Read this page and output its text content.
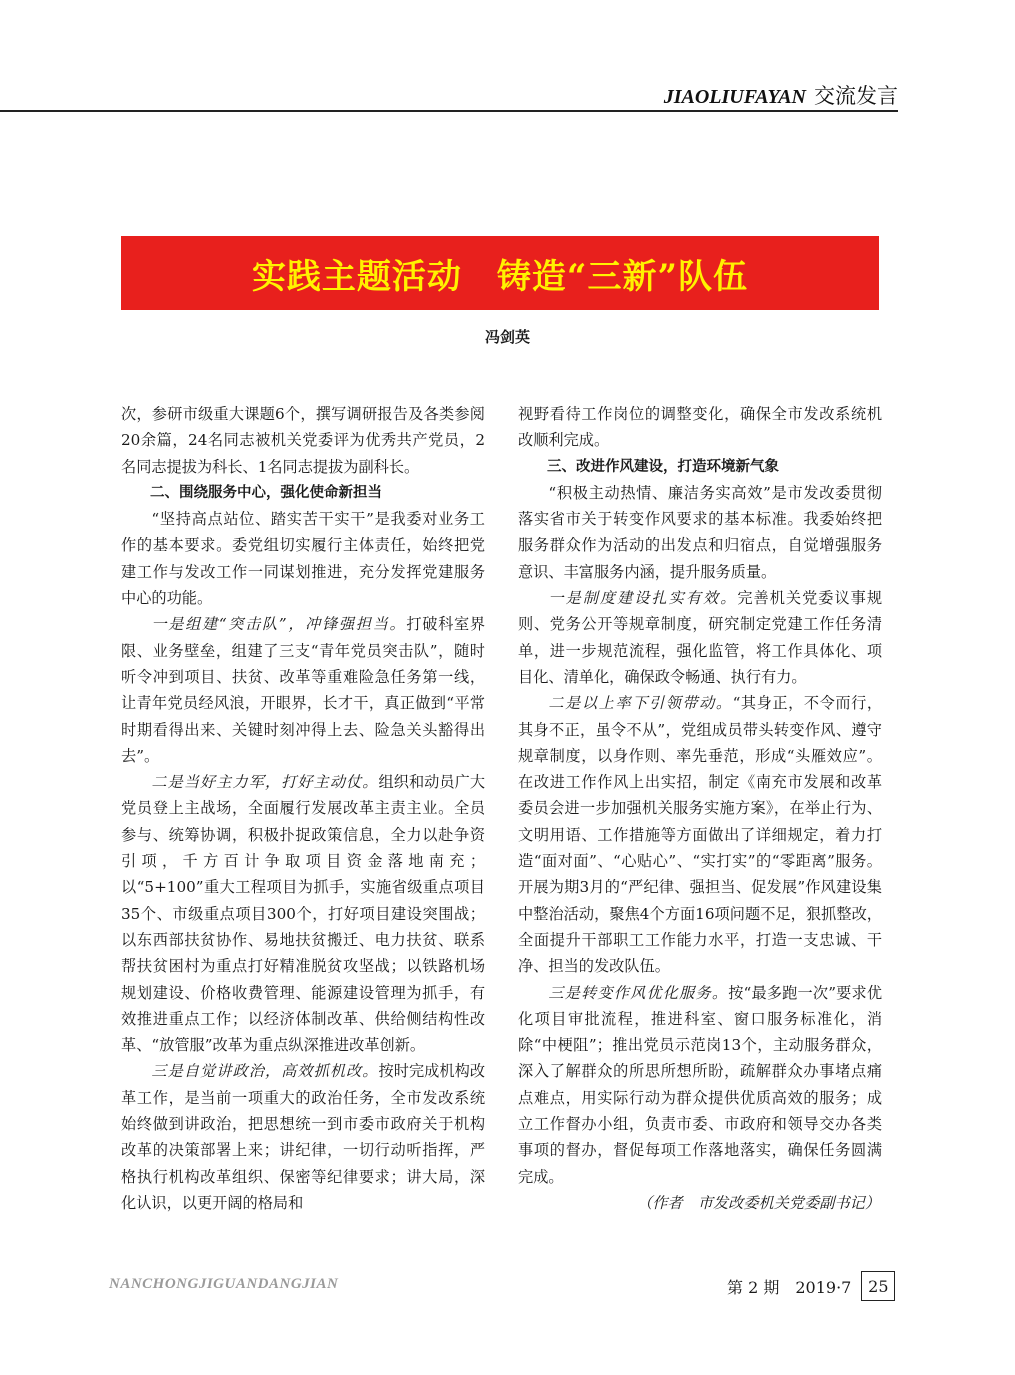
JIAOLIUFAYAN 交流发言
实践主题活动　铸造“三新”队伍
冯剑英

次，参研市级重大课题6个，撰写调研报告及各类参阅20余篇，24名同志被机关党委评为优秀共产党员，2名同志提拔为科长、1名同志提拔为副科长。

二、围绕服务中心，强化使命新担当

“坚持高点站位、踏实苦干实干”是我委对业务工作的基本要求。委党组切实履行主体责任，始终把党建工作与发改工作一同谋划推进，充分发挥党建服务中心的功能。

一是组建“突击队”，冲锋强担当。打破科室界限、业务壁垒，组建了三支“青年党员突击队”，随时听令冲到项目、扶贫、改革等重难险急任务第一线，让青年党员经风浪，开眼界，长才干，真正做到“平常时期看得出来、关键时刻冲得上去、险急关头豁得出去”。

二是当好主力军，打好主动仗。组织和动员广大党员登上主战场，全面履行发展改革主责主业。全员参与、统筹协调，积极扑捉政策信息，全力以赴争资引项，千方百计争取项目资金落地南充；以“5+100”重大工程项目为抓手，实施省级重点项目35个、市级重点项目300个，打好项目建设突围战；以东西部扶贫协作、易地扶贫搬迁、电力扶贫、联系帮扶贫困村为重点打好精准脱贫攻坚战；以铁路机场规划建设、价格收费管理、能源建设管理为抓手，有效推进重点工作；以经济体制改革、供给侧结构性改革、“放管服”改革为重点纵深推进改革创新。

三是自觉讲政治，高效抓机改。按时完成机构改革工作，是当前一项重大的政治任务，全市发改系统始终做到讲政治，把思想统一到市委市政府关于机构改革的决策部署上来；讲纪律，一切行动听指挥，严格执行机构改革组织、保密等纪律要求；讲大局，深化认识，以更开阔的格局和

视野看待工作岗位的调整变化，确保全市发改系统机改顺利完成。

三、改进作风建设，打造环境新气象

“积极主动热情、廉洁务实高效”是市发改委贯彻落实省市关于转变作风要求的基本标准。我委始终把服务群众作为活动的出发点和归宿点，自觉增强服务意识、丰富服务内涵，提升服务质量。

一是制度建设扎实有效。完善机关党委议事规则、党务公开等规章制度，研究制定党建工作任务清单，进一步规范流程，强化监管，将工作具体化、项目化、清单化，确保政令畅通、执行有力。

二是以上率下引领带动。“其身正，不令而行，其身不正，虽令不从”，党组成员带头转变作风、遵守规章制度，以身作则、率先垂范，形成“头雁效应”。在改进工作作风上出实招，制定《南充市发展和改革委员会进一步加强机关服务实施方案》，在举止行为、文明用语、工作措施等方面做出了详细规定，着力打造“面对面”、“心贴心”、“实打实”的“零距离”服务。开展为期3月的“严纪律、强担当、促发展”作风建设集中整治活动，聚焦4个方面16项问题不足，狠抓整改，全面提升干部职工工作能力水平，打造一支忠诚、干净、担当的发改队伍。

三是转变作风优化服务。按“最多跑一次”要求优化项目审批流程，推进科室、窗口服务标准化，消除“中梗阻”；推出党员示范岗13个，主动服务群众，深入了解群众的所思所想所盼，疏解群众办事堵点痛点难点，用实际行动为群众提供优质高效的服务；成立工作督办小组，负责市委、市政府和领导交办各类事项的督办，督促每项工作落地落实，确保任务圆满完成。

（作者　市发改委机关党委副书记）

NANCHONGJIGUANDANGJIAN	第 2 期　2019·7	25
